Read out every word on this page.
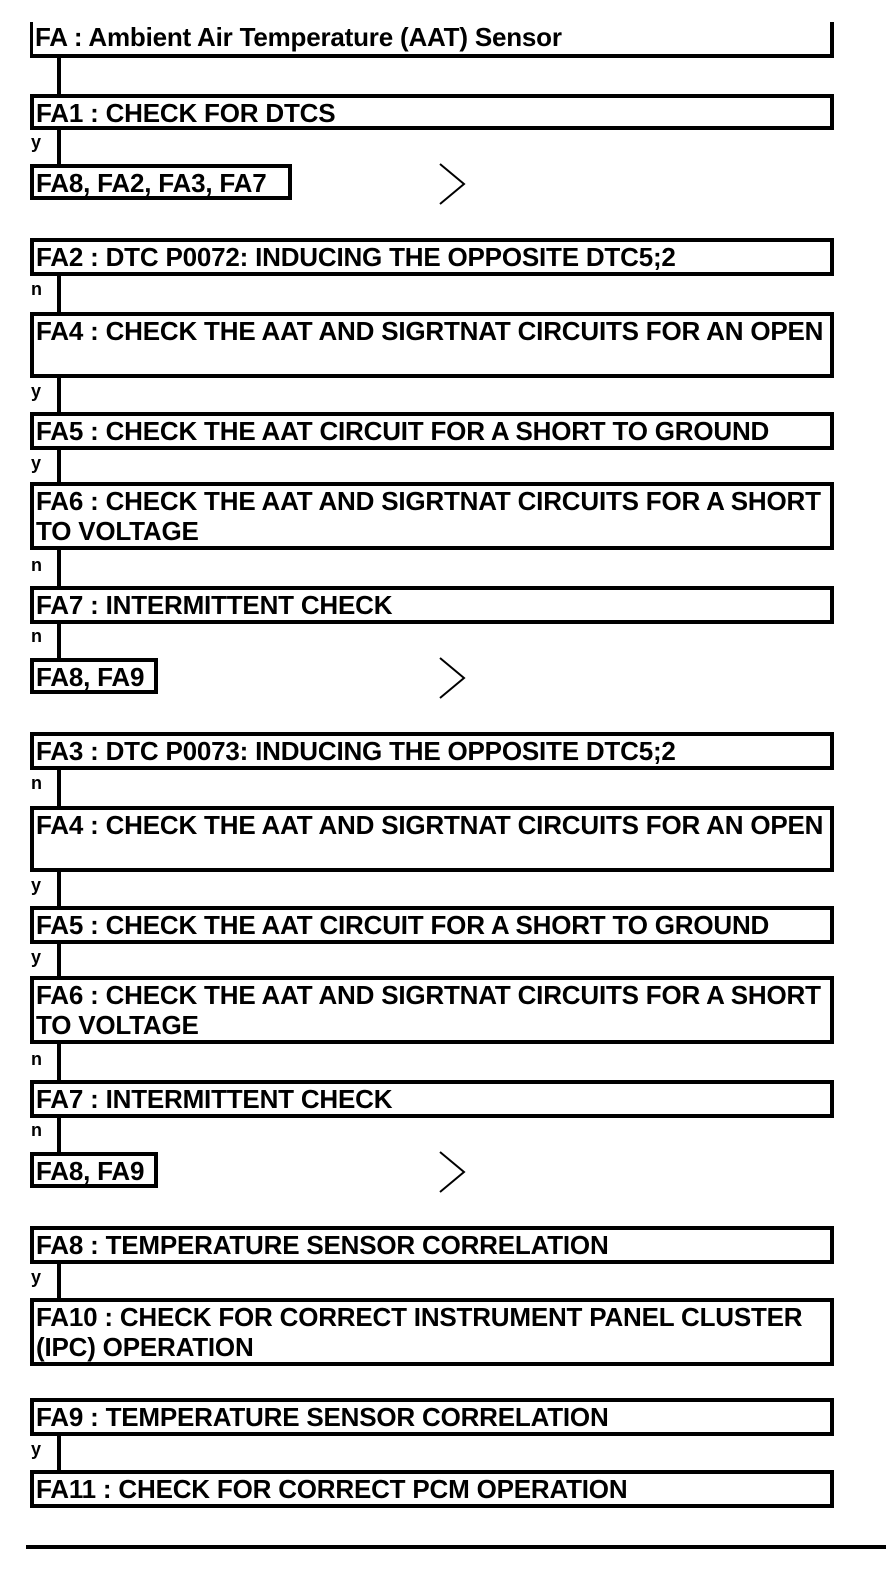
FA : Ambient Air Temperature (AAT) Sensor
FA1 : CHECK FOR DTCS
y
FA8, FA2, FA3, FA7
FA2 : DTC P0072: INDUCING THE OPPOSITE DTC5;2
n
FA4 : CHECK THE AAT AND SIGRTNAT CIRCUITS FOR AN OPEN
y
FA5 : CHECK THE AAT CIRCUIT FOR A SHORT TO GROUND
y
FA6 : CHECK THE AAT AND SIGRTNAT CIRCUITS FOR A SHORT TO VOLTAGE
n
FA7 : INTERMITTENT CHECK
n
FA8, FA9
FA3 : DTC P0073: INDUCING THE OPPOSITE DTC5;2
n
FA4 : CHECK THE AAT AND SIGRTNAT CIRCUITS FOR AN OPEN
y
FA5 : CHECK THE AAT CIRCUIT FOR A SHORT TO GROUND
y
FA6 : CHECK THE AAT AND SIGRTNAT CIRCUITS FOR A SHORT TO VOLTAGE
n
FA7 : INTERMITTENT CHECK
n
FA8, FA9
FA8 : TEMPERATURE SENSOR CORRELATION
y
FA10 : CHECK FOR CORRECT INSTRUMENT PANEL CLUSTER (IPC) OPERATION
FA9 : TEMPERATURE SENSOR CORRELATION
y
FA11 : CHECK FOR CORRECT PCM OPERATION
